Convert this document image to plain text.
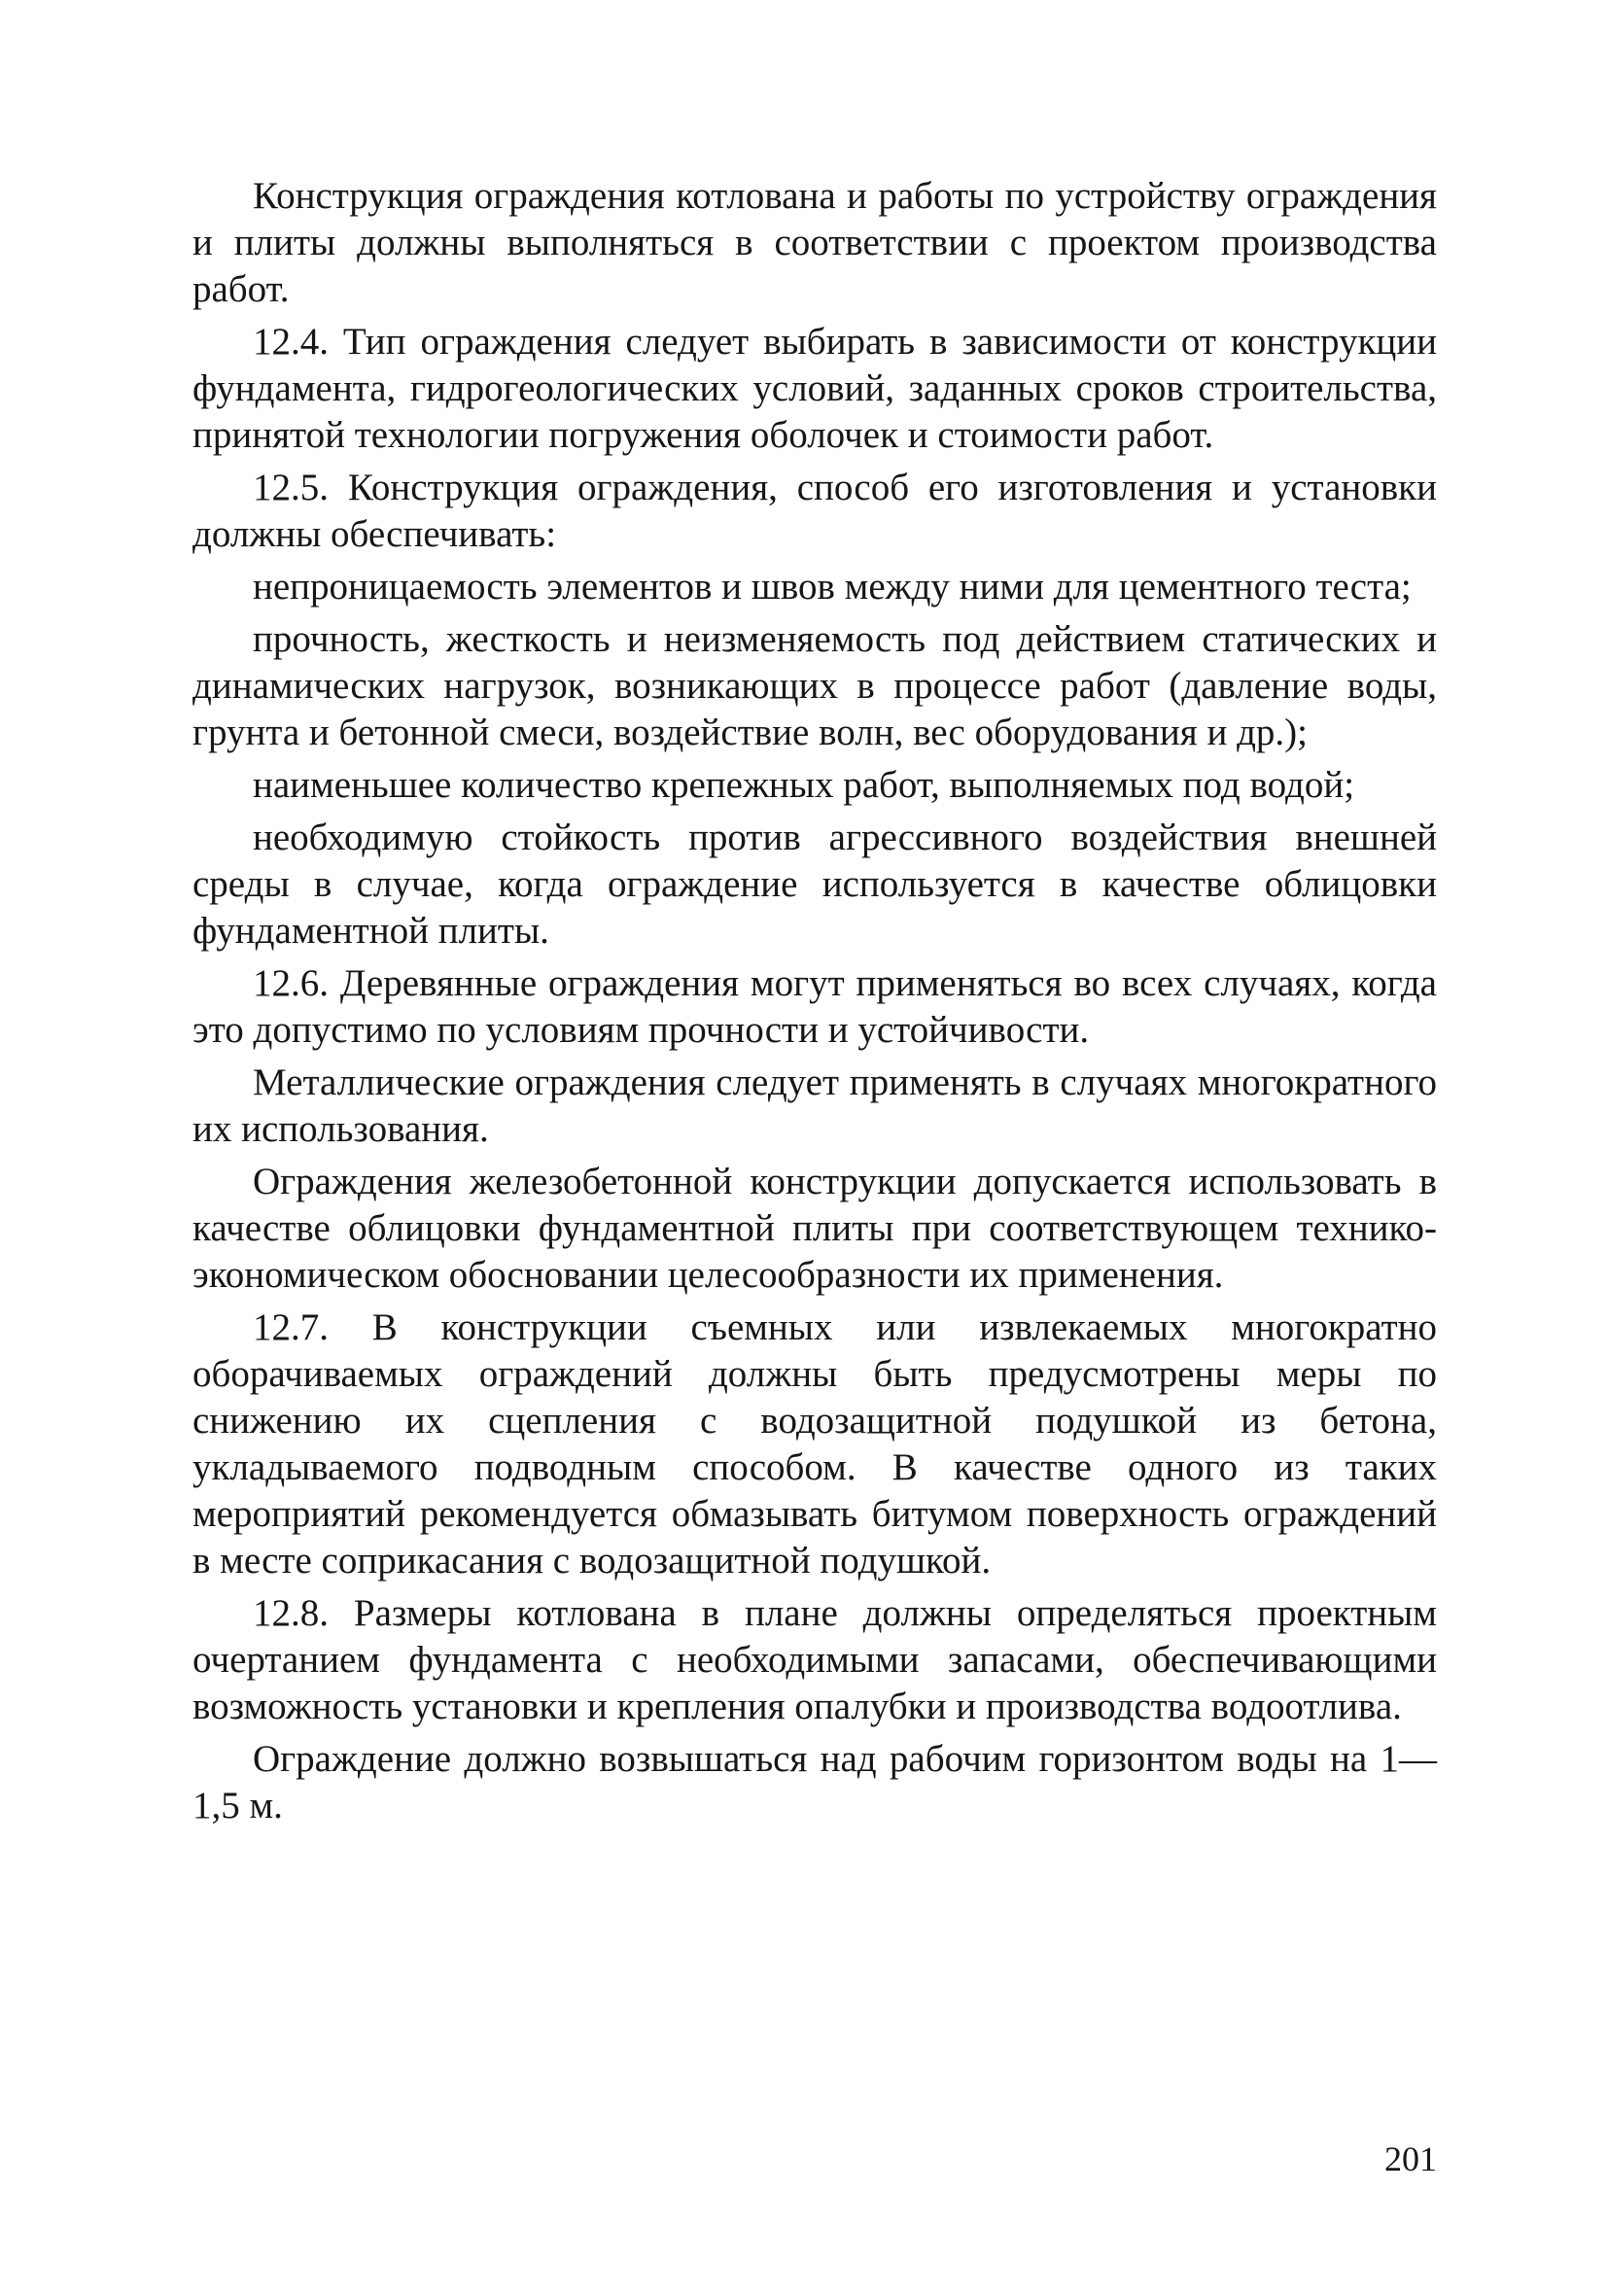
Конструкция ограждения котлована и работы по устройству ограждения и плиты должны выполняться в соответствии с проектом производства работ.

12.4. Тип ограждения следует выбирать в зависимости от конструкции фундамента, гидрогеологических условий, заданных сроков строительства, принятой технологии погружения оболочек и стоимости работ.

12.5. Конструкция ограждения, способ его изготовления и установки должны обеспечивать:

непроницаемость элементов и швов между ними для цементного теста;

прочность, жесткость и неизменяемость под действием статических и динамических нагрузок, возникающих в процессе работ (давление воды, грунта и бетонной смеси, воздействие волн, вес оборудования и др.);

наименьшее количество крепежных работ, выполняемых под водой;

необходимую стойкость против агрессивного воздействия внешней среды в случае, когда ограждение используется в качестве облицовки фундаментной плиты.

12.6. Деревянные ограждения могут применяться во всех случаях, когда это допустимо по условиям прочности и устойчивости.

Металлические ограждения следует применять в случаях многократного их использования.

Ограждения железобетонной конструкции допускается использовать в качестве облицовки фундаментной плиты при соответствующем технико-экономическом обосновании целесообразности их применения.

12.7. В конструкции съемных или извлекаемых многократно оборачиваемых ограждений должны быть предусмотрены меры по снижению их сцепления с водозащитной подушкой из бетона, укладываемого подводным способом. В качестве одного из таких мероприятий рекомендуется обмазывать битумом поверхность ограждений в месте соприкасания с водозащитной подушкой.

12.8. Размеры котлована в плане должны определяться проектным очертанием фундамента с необходимыми запасами, обеспечивающими возможность установки и крепления опалубки и производства водоотлива.

Ограждение должно возвышаться над рабочим горизонтом воды на 1—1,5 м.

201
